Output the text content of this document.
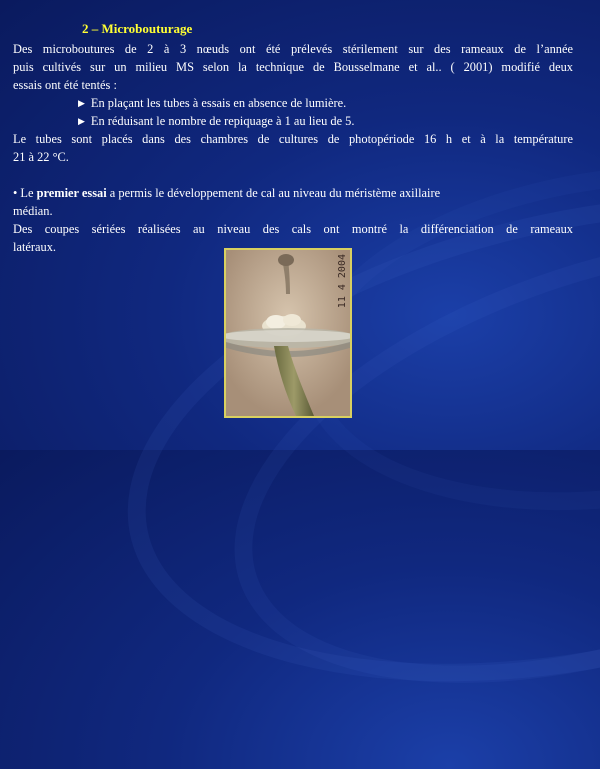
2 – Microbouturage
Des microboutures de 2 à 3 nœuds ont été prélevés stérilement sur des rameaux de l’année
puis cultivés sur un milieu MS selon la technique de Bousselmane et al.. ( 2001) modifié deux
essais ont été tentés :
▶ En plaçant les tubes à essais en absence de lumière.
▶ En réduisant le nombre de repiquage à 1 au lieu de 5.
Le tubes sont placés dans des chambres de cultures de photopériode 16 h et à la température
21 à 22 °C.
• Le premier essai a permis le développement de cal au niveau du méristème axillaire
médian.
Des coupes sériées réalisées au niveau des cals ont montré la différenciation de rameaux
latéraux.
11 4 2004
